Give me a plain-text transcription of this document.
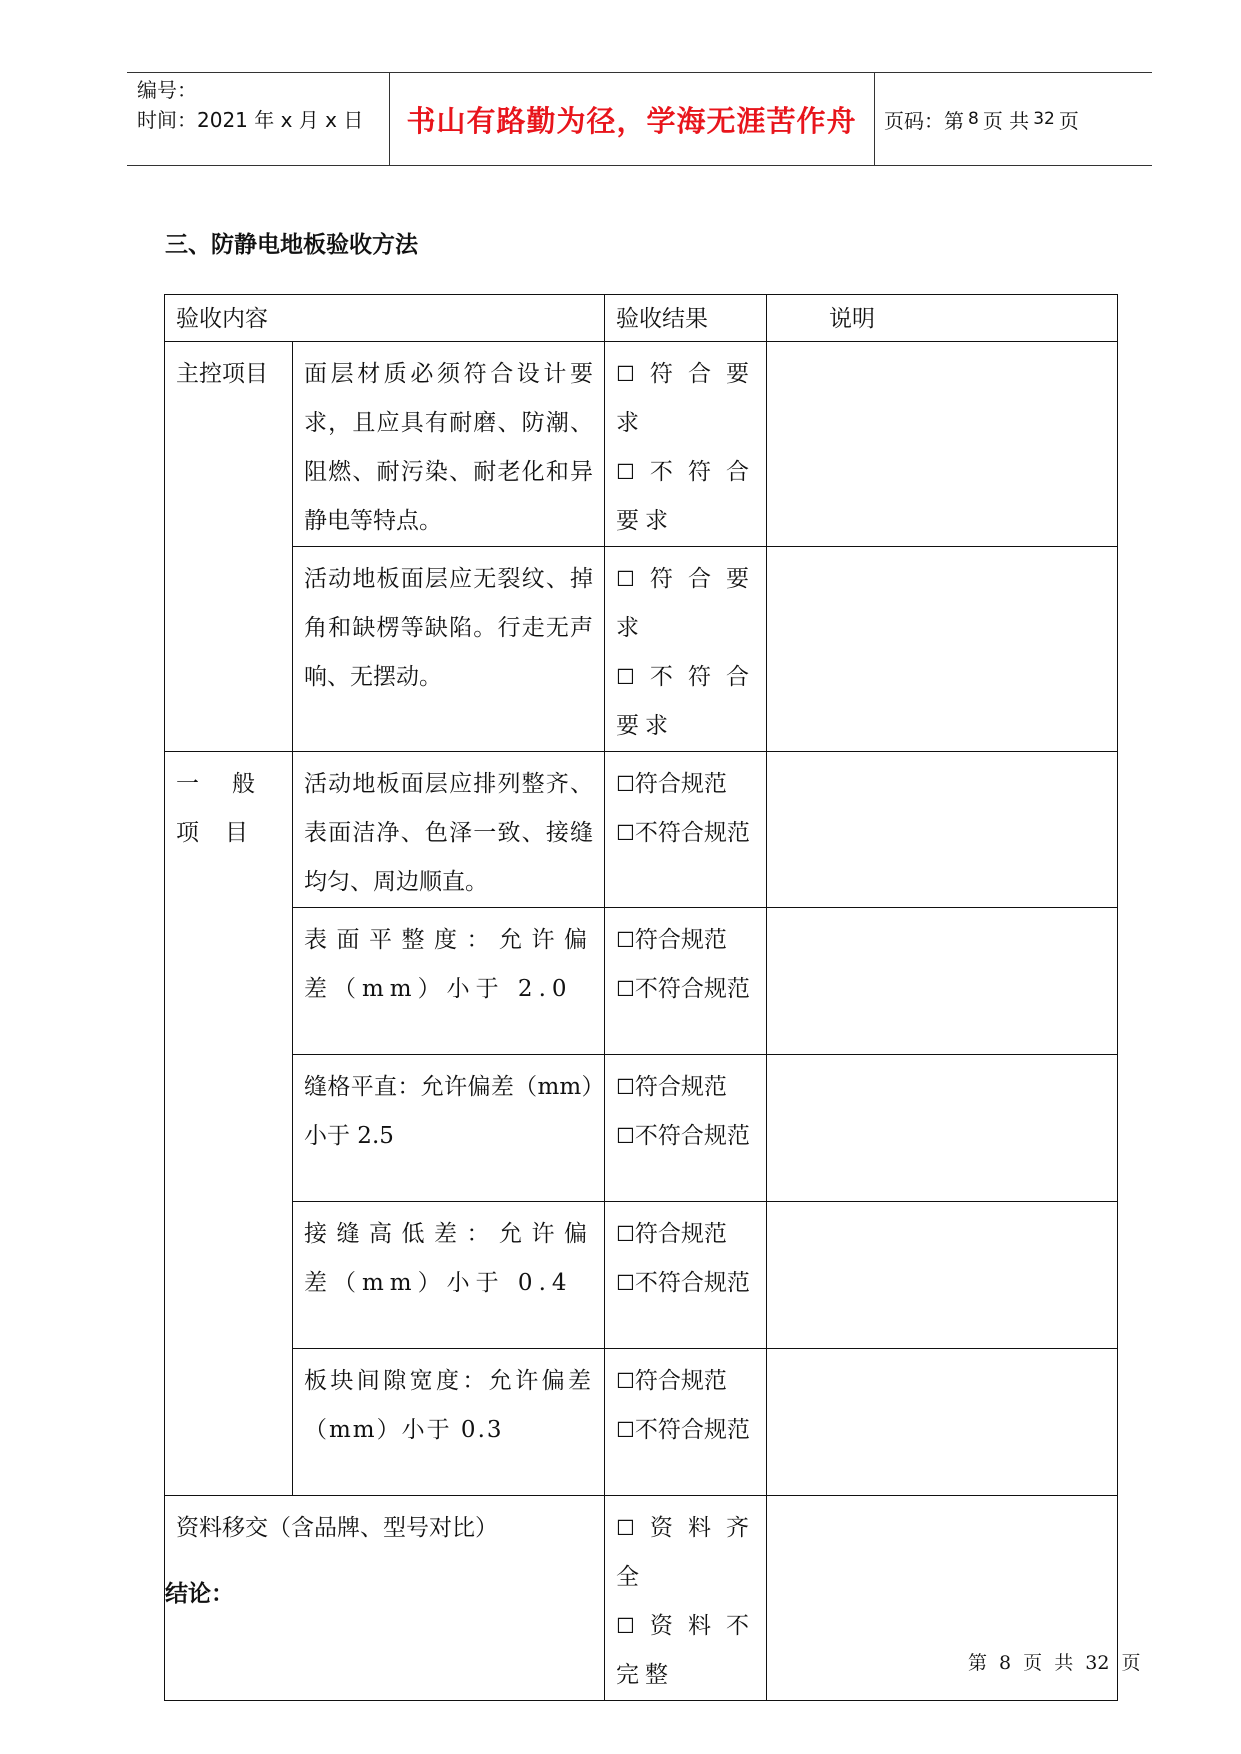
编号：
时间：2021 年 x 月 x 日	书山有路勤为径，学海无涯苦作舟	页码：第 8 页 共 32 页
三、防静电地板验收方法
验收内容		验收结果	说明
主控项目	面层材质必须符合设计要求，且应具有耐磨、防潮、阻燃、耐污染、耐老化和异静电等特点。	☐符合要求
☐不符合要求	

	活动地板面层应无裂纹、掉角和缺楞等缺陷。行走无声响、无摆动。	☐符合要求
☐不符合要求	

一般项目	活动地板面层应排列整齐、表面洁净、色泽一致、接缝均匀、周边顺直。	☐符合规范
☐不符合规范	

	表面平整度：允许偏差（mm）小于 2.0	☐符合规范
☐不符合规范	

	缝格平直：允许偏差（mm）小于 2.5	☐符合规范
☐不符合规范	

	接缝高低差：允许偏差（mm）小于 0.4	☐符合规范
☐不符合规范	

	板块间隙宽度：允许偏差（mm）小于 0.3	☐符合规范
☐不符合规范	

资料移交（含品牌、型号对比）		☐资料齐全
☐资料不完整	

结论：
第 8 页 共 32 页
